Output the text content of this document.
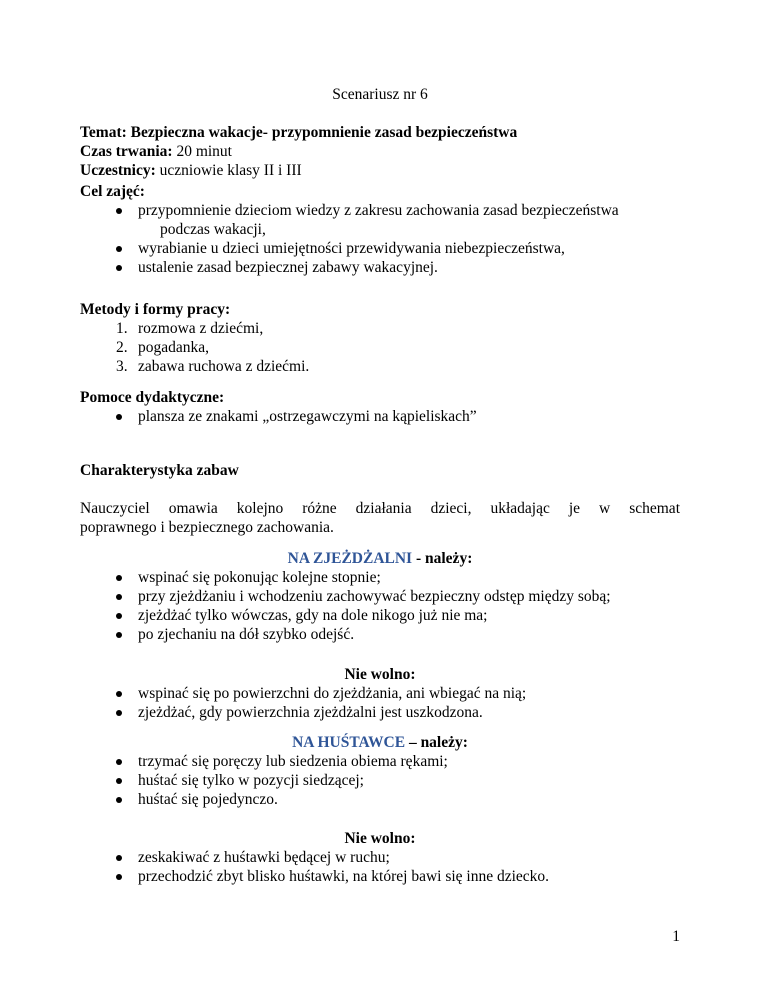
Scenariusz nr 6
Temat: Bezpieczna wakacje- przypomnienie zasad bezpieczeństwa
Czas trwania: 20 minut
Uczestnicy: uczniowie klasy II i III
Cel zajęć:
przypomnienie dzieciom wiedzy z zakresu zachowania zasad bezpieczeństwa
podczas wakacji,
wyrabianie u dzieci umiejętności przewidywania niebezpieczeństwa,
ustalenie zasad bezpiecznej zabawy wakacyjnej.
Metody i formy pracy:
1. rozmowa z dziećmi,
2. pogadanka,
3. zabawa ruchowa z dziećmi.
Pomoce dydaktyczne:
plansza ze znakami „ostrzegawczymi na kąpieliskach”
Charakterystyka zabaw
Nauczyciel omawia kolejno różne działania dzieci, układając je w schemat
poprawnego i bezpiecznego zachowania.
NA ZJEŻDŻALNI - należy:
wspinać się pokonując kolejne stopnie;
przy zjeżdżaniu i wchodzeniu zachowywać bezpieczny odstęp między sobą;
zjeżdżać tylko wówczas, gdy na dole nikogo już nie ma;
po zjechaniu na dół szybko odejść.
Nie wolno:
wspinać się po powierzchni do zjeżdżania, ani wbiegać na nią;
zjeżdżać, gdy powierzchnia zjeżdżalni jest uszkodzona.
NA HUŚTAWCE – należy:
trzymać się poręczy lub siedzenia obiema rękami;
huśtać się tylko w pozycji siedzącej;
huśtać się pojedynczo.
Nie wolno:
zeskakiwać z huśtawki będącej w ruchu;
przechodzić zbyt blisko huśtawki, na której bawi się inne dziecko.
1
